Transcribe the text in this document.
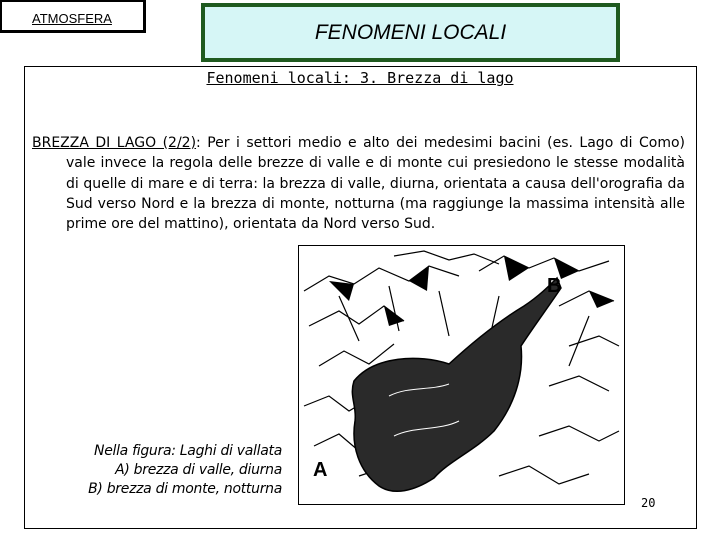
ATMOSFERA
FENOMENI LOCALI
Fenomeni locali: 3. Brezza di lago
BREZZA DI LAGO (2/2): Per i settori medio e alto dei medesimi bacini (es. Lago di Como) vale invece la regola delle brezze di valle e di monte cui presiedono le stesse modalità di quelle di mare e di terra: la brezza di valle, diurna, orientata a causa dell'orografia da Sud verso Nord e la brezza di monte, notturna (ma raggiunge la massima intensità alle prime ore del mattino), orientata da Nord verso Sud.
A
B
Nella figura: Laghi di vallata
A) brezza di valle, diurna
B) brezza di monte, notturna
20
